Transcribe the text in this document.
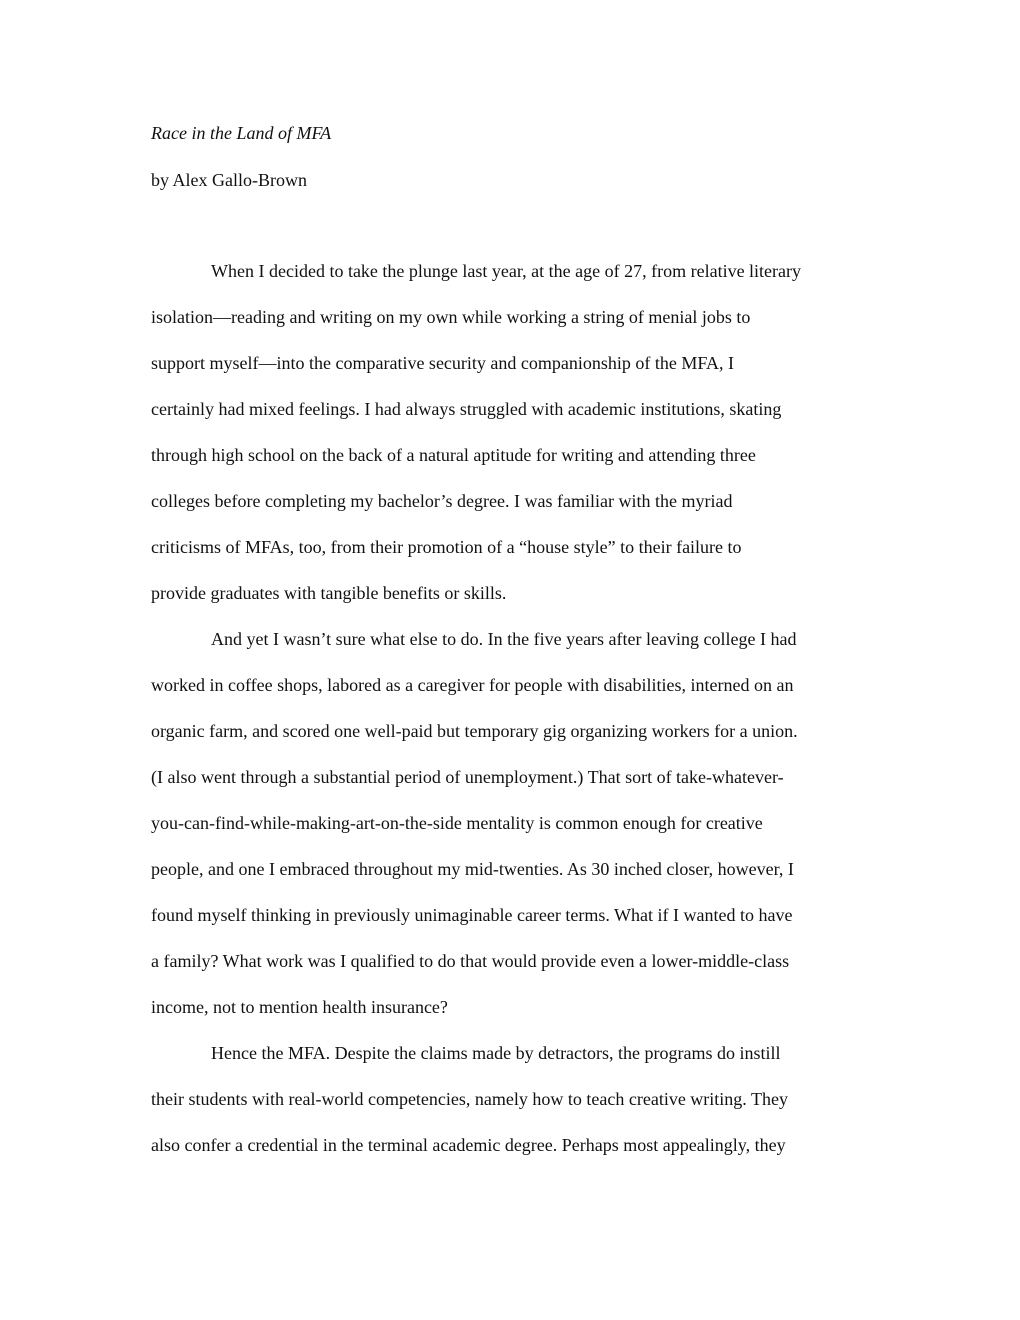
Race in the Land of MFA
by Alex Gallo-Brown
When I decided to take the plunge last year, at the age of 27, from relative literary
isolation—reading and writing on my own while working a string of menial jobs to
support myself—into the comparative security and companionship of the MFA, I
certainly had mixed feelings. I had always struggled with academic institutions, skating
through high school on the back of a natural aptitude for writing and attending three
colleges before completing my bachelor’s degree. I was familiar with the myriad
criticisms of MFAs, too, from their promotion of a “house style” to their failure to
provide graduates with tangible benefits or skills.
And yet I wasn’t sure what else to do. In the five years after leaving college I had
worked in coffee shops, labored as a caregiver for people with disabilities, interned on an
organic farm, and scored one well-paid but temporary gig organizing workers for a union.
(I also went through a substantial period of unemployment.) That sort of take-whatever-
you-can-find-while-making-art-on-the-side mentality is common enough for creative
people, and one I embraced throughout my mid-twenties. As 30 inched closer, however, I
found myself thinking in previously unimaginable career terms. What if I wanted to have
a family? What work was I qualified to do that would provide even a lower-middle-class
income, not to mention health insurance?
Hence the MFA. Despite the claims made by detractors, the programs do instill
their students with real-world competencies, namely how to teach creative writing. They
also confer a credential in the terminal academic degree. Perhaps most appealingly, they
